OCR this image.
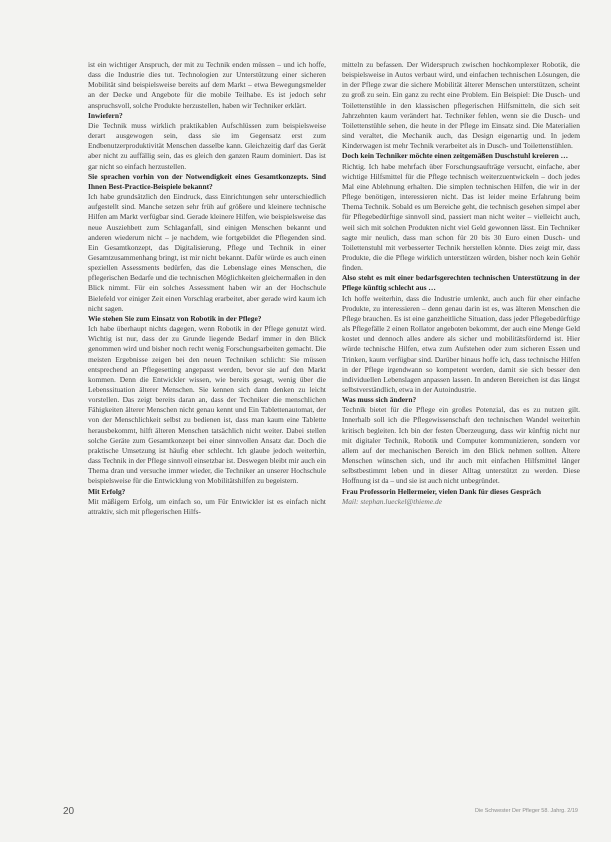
ist ein wichtiger Anspruch, der mit zu Technik enden müssen – und ich hoffe, dass die Industrie dies tut. Technologien zur Unterstützung einer sicheren Mobilität sind beispielsweise bereits auf dem Markt – etwa Bewegungsmelder an der Decke und Angebote für die mobile Teilhabe. Es ist jedoch sehr anspruchsvoll, solche Produkte herzustellen, haben wir Techniker erklärt.

Inwiefern?

Die Technik muss wirklich praktikablen Aufschlüssen zum beispielsweise derart ausgewogen sein, dass sie im Gegensatz erst zum Endbenutzerproduktivität Menschen dasselbe kann. Gleichzeitig darf das Gerät aber nicht zu auffällig sein, das es gleich den ganzen Raum dominiert. Das ist gar nicht so einfach herzustellen.

Sie sprachen vorhin von der Notwendigkeit eines Gesamtkonzepts. Sind Ihnen Best-Practice-Beispiele bekannt?

Ich habe grundsätzlich den Eindruck, dass Einrichtungen sehr unterschiedlich aufgestellt sind. Manche setzen sehr früh auf größere und kleinere technische Hilfen am Markt verfügbar sind. Gerade kleinere Hilfen, wie beispielsweise das neue Ausziehbett zum Schlaganfall, sind einigen Menschen bekannt und anderen wiederum nicht – je nachdem, wie fortgebildet die Pflegenden sind. Ein Gesamtkonzept, das Digitalisierung, Pflege und Technik in einer Gesamtzusammenhang bringt, ist mir nicht bekannt. Dafür würde es auch einen speziellen Assessments bedürfen, das die Lebenslage eines Menschen, die pflegerischen Bedarfe und die technischen Möglichkeiten gleichermaßen in den Blick nimmt. Für ein solches Assessment haben wir an der Hochschule Bielefeld vor einiger Zeit einen Vorschlag erarbeitet, aber gerade wird kaum ich nicht sagen.

Wie stehen Sie zum Einsatz von Robotik in der Pflege?

Ich habe überhaupt nichts dagegen, wenn Robotik in der Pflege genutzt wird. Wichtig ist nur, dass der zu Grunde liegende Bedarf immer in den Blick genommen wird und bisher noch recht wenig Forschungsarbeiten gemacht. Die meisten Ergebnisse zeigen bei den neuen Techniken schlicht: Sie müssen entsprechend an Pflegesetting angepasst werden, bevor sie auf den Markt kommen. Denn die Entwickler wissen, wie bereits gesagt, wenig über die Lebenssituation älterer Menschen. Sie kennen sich dann denken zu leicht vorstellen. Das zeigt bereits daran an, dass der Techniker die menschlichen Fähigkeiten älterer Menschen nicht genau kennt und Ein Tablettenautomat, der von der Menschlichkeit selbst zu bedienen ist, dass man kaum eine Tablette herausbekommt, hilft älteren Menschen tatsächlich nicht weiter. Dabei stellen solche Geräte zum Gesamtkonzept bei einer sinnvollen Ansatz dar. Doch die praktische Umsetzung ist häufig eher schlecht. Ich glaube jedoch weiterhin, dass Technik in der Pflege sinnvoll einsetzbar ist. Deswegen bleibt mir auch ein Thema dran und versuche immer wieder, die Techniker an unserer Hochschule beispielsweise für die Entwicklung von Mobilitätshilfen zu begeistern.

Mit Erfolg?

Mit mäßigem Erfolg, um einfach so, um Für Entwickler ist es einfach nicht attraktiv, sich mit pflegerischen Hilfs-

mitteln zu befassen. Der Widerspruch zwischen hochkomplexer Robotik, die beispielsweise in Autos verbaut wird, und einfachen technischen Lösungen, die in der Pflege zwar die sichere Mobilität älterer Menschen unterstützen, scheint zu groß zu sein. Ein ganz zu recht eine Problem. Ein Beispiel: Die Dusch- und Toilettenstühle in den klassischen pflegerischen Hilfsmitteln, die sich seit Jahrzehnten kaum verändert hat. Techniker fehlen, wenn sie die Dusch- und Toilettenstühle sehen, die heute in der Pflege im Einsatz sind. Die Materialien sind veraltet, die Mechanik auch, das Design eigenartig und. In jedem Kinderwagen ist mehr Technik verarbeitet als in Dusch- und Toilettenstühlen.

Doch kein Techniker möchte einen zeitgemäßen Duschstuhl kreieren …

Richtig. Ich habe mehrfach über Forschungsaufträge versucht, einfache, aber wichtige Hilfsmittel für die Pflege technisch weiterzuentwickeln – doch jedes Mal eine Ablehnung erhalten. Die simplen technischen Hilfen, die wir in der Pflege benötigen, interessieren nicht. Das ist leider meine Erfahrung beim Thema Technik. Sobald es um Bereiche geht, die technisch gesehen simpel aber für Pflegebedürftige sinnvoll sind, passiert man nicht weiter – vielleicht auch, weil sich mit solchen Produkten nicht viel Geld gewonnen lässt. Ein Techniker sagte mir neulich, dass man schon für 20 bis 30 Euro einen Dusch- und Toilettenstuhl mit verbesserter Technik herstellen könnte. Dies zeigt mir, dass Produkte, die die Pflege wirklich unterstützen würden, bisher noch kein Gehör finden.

Also steht es mit einer bedarfsgerechten technischen Unterstützung in der Pflege künftig schlecht aus …

Ich hoffe weiterhin, dass die Industrie umlenkt, auch auch für eher einfache Produkte, zu interessieren – denn genau darin ist es, was älteren Menschen die Pflege brauchen. Es ist eine ganzheitliche Situation, dass jeder Pflegebedürftige als Pflegefälle 2 einen Rollator angeboten bekommt, der auch eine Menge Geld kostet und dennoch alles andere als sicher und mobilitätsfördernd ist. Hier würde technische Hilfen, etwa zum Aufstehen oder zum sicheren Essen und Trinken, kaum verfügbar sind. Darüber hinaus hoffe ich, dass technische Hilfen in der Pflege irgendwann so kompetent werden, damit sie sich besser den individuellen Lebenslagen anpassen lassen. In anderen Bereichen ist das längst selbstverständlich, etwa in der Autoindustrie.

Was muss sich ändern?

Technik bietet für die Pflege ein großes Potenzial, das es zu nutzen gilt. Innerhalb soll ich die Pflegewissenschaft den technischen Wandel weiterhin kritisch begleiten. Ich bin der festen Überzeugung, dass wir künftig nicht nur mit digitaler Technik, Robotik und Computer kommunizieren, sondern vor allem auf der mechanischen Bereich im den Blick nehmen sollten. Ältere Menschen wünschen sich, und ihr auch mit einfachen Hilfsmittel länger selbstbestimmt leben und in dieser Alltag unterstützt zu werden. Diese Hoffnung ist da – und sie ist auch nicht unbegründet.

Frau Professorin Hellermeier, vielen Dank für dieses Gespräch

Mail: stephan.lueckel@thieme.de

20	Die Schwester Der Pfleger 58. Jahrg. 2/19
